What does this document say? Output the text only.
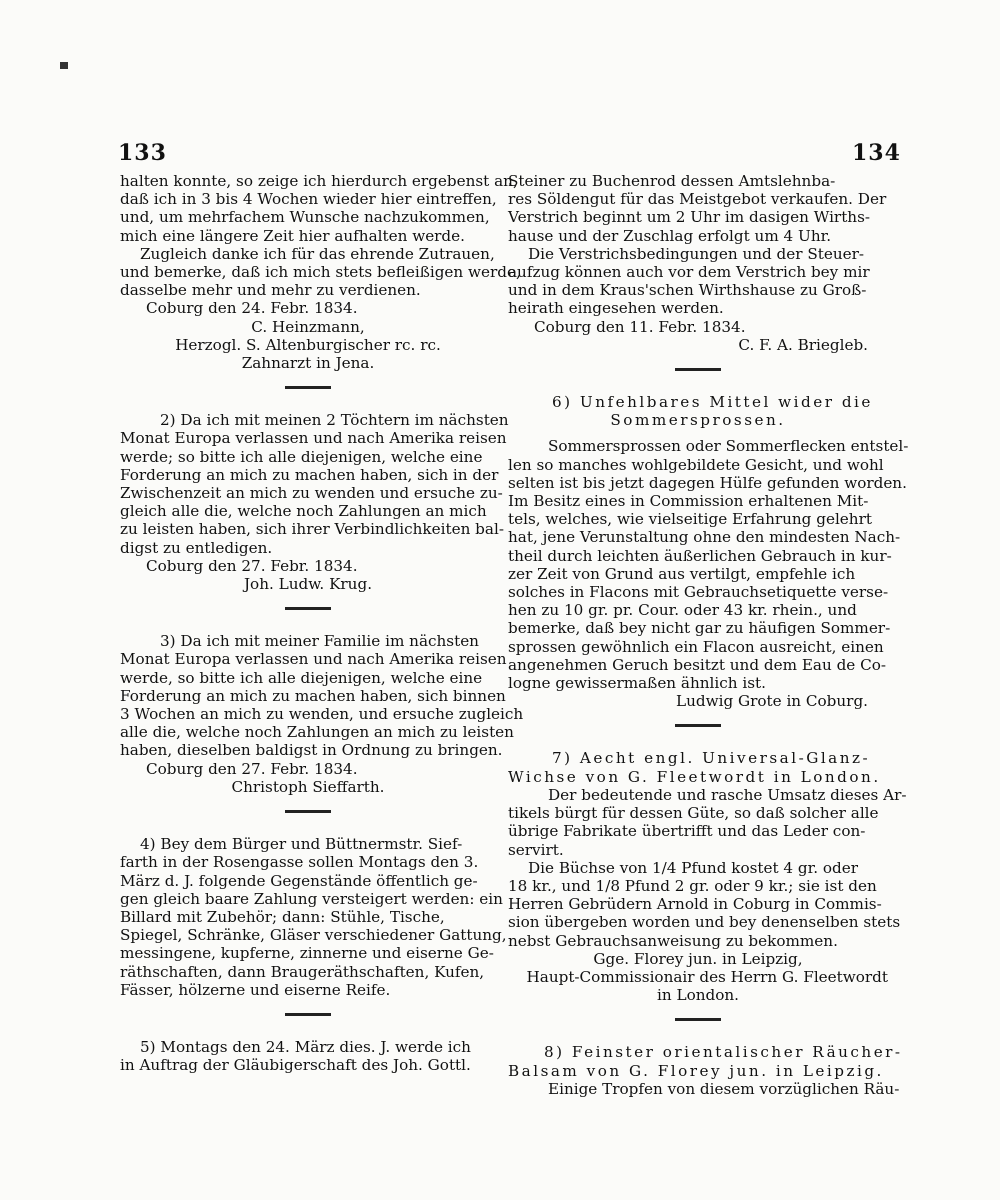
133	134
halten konnte, so zeige ich hierdurch ergebenst an,
daß ich in 3 bis 4 Wochen wieder hier eintreffen,
und, um mehrfachem Wunsche nachzukommen,
mich eine längere Zeit hier aufhalten werde.
Zugleich danke ich für das ehrende Zutrauen,
und bemerke, daß ich mich stets befleißigen werde,
dasselbe mehr und mehr zu verdienen.
Coburg den 24. Febr. 1834.
C. Heinzmann,
Herzogl. S. Altenburgischer rc. rc.
Zahnarzt in Jena.
2) Da ich mit meinen 2 Töchtern im nächsten
Monat Europa verlassen und nach Amerika reisen
werde; so bitte ich alle diejenigen, welche eine
Forderung an mich zu machen haben, sich in der
Zwischenzeit an mich zu wenden und ersuche zu-
gleich alle die, welche noch Zahlungen an mich
zu leisten haben, sich ihrer Verbindlichkeiten bal-
digst zu entledigen.
Coburg den 27. Febr. 1834.
Joh. Ludw. Krug.
3) Da ich mit meiner Familie im nächsten
Monat Europa verlassen und nach Amerika reisen
werde, so bitte ich alle diejenigen, welche eine
Forderung an mich zu machen haben, sich binnen
3 Wochen an mich zu wenden, und ersuche zugleich
alle die, welche noch Zahlungen an mich zu leisten
haben, dieselben baldigst in Ordnung zu bringen.
Coburg den 27. Febr. 1834.
Christoph Sieffarth.
4) Bey dem Bürger und Büttnermstr. Sief-
farth in der Rosengasse sollen Montags den 3.
März d. J. folgende Gegenstände öffentlich ge-
gen gleich baare Zahlung versteigert werden: ein
Billard mit Zubehör; dann: Stühle, Tische,
Spiegel, Schränke, Gläser verschiedener Gattung,
messingene, kupferne, zinnerne und eiserne Ge-
räthschaften, dann Braugeräthschaften, Kufen,
Fässer, hölzerne und eiserne Reife.
5) Montags den 24. März dies. J. werde ich
in Auftrag der Gläubigerschaft des Joh. Gottl.
Steiner zu Buchenrod dessen Amtslehnba-
res Söldengut für das Meistgebot verkaufen. Der
Verstrich beginnt um 2 Uhr im dasigen Wirths-
hause und der Zuschlag erfolgt um 4 Uhr.
Die Verstrichsbedingungen und der Steuer-
aufzug können auch vor dem Verstrich bey mir
und in dem Kraus'schen Wirthshause zu Groß-
heirath eingesehen werden.
Coburg den 11. Febr. 1834.
C. F. A. Briegleb.
6) Unfehlbares Mittel wider die
Sommersprossen.
Sommersprossen oder Sommerflecken entstel-
len so manches wohlgebildete Gesicht, und wohl
selten ist bis jetzt dagegen Hülfe gefunden worden.
Im Besitz eines in Commission erhaltenen Mit-
tels, welches, wie vielseitige Erfahrung gelehrt
hat, jene Verunstaltung ohne den mindesten Nach-
theil durch leichten äußerlichen Gebrauch in kur-
zer Zeit von Grund aus vertilgt, empfehle ich
solches in Flacons mit Gebrauchsetiquette verse-
hen zu 10 gr. pr. Cour. oder 43 kr. rhein., und
bemerke, daß bey nicht gar zu häufigen Sommer-
sprossen gewöhnlich ein Flacon ausreicht, einen
angenehmen Geruch besitzt und dem Eau de Co-
logne gewissermaßen ähnlich ist.
Ludwig Grote in Coburg.
7) Aecht engl. Universal-Glanz-
Wichse von G. Fleetwordt in London.
Der bedeutende und rasche Umsatz dieses Ar-
tikels bürgt für dessen Güte, so daß solcher alle
übrige Fabrikate übertrifft und das Leder con-
servirt.
Die Büchse von 1/4 Pfund kostet 4 gr. oder
18 kr., und 1/8 Pfund 2 gr. oder 9 kr.; sie ist den
Herren Gebrüdern Arnold in Coburg in Commis-
sion übergeben worden und bey denenselben stets
nebst Gebrauchsanweisung zu bekommen.
Gge. Florey jun. in Leipzig,
Haupt-Commissionair des Herrn G. Fleetwordt
in London.
8) Feinster orientalischer Räucher-
Balsam von G. Florey jun. in Leipzig.
Einige Tropfen von diesem vorzüglichen Räu-
